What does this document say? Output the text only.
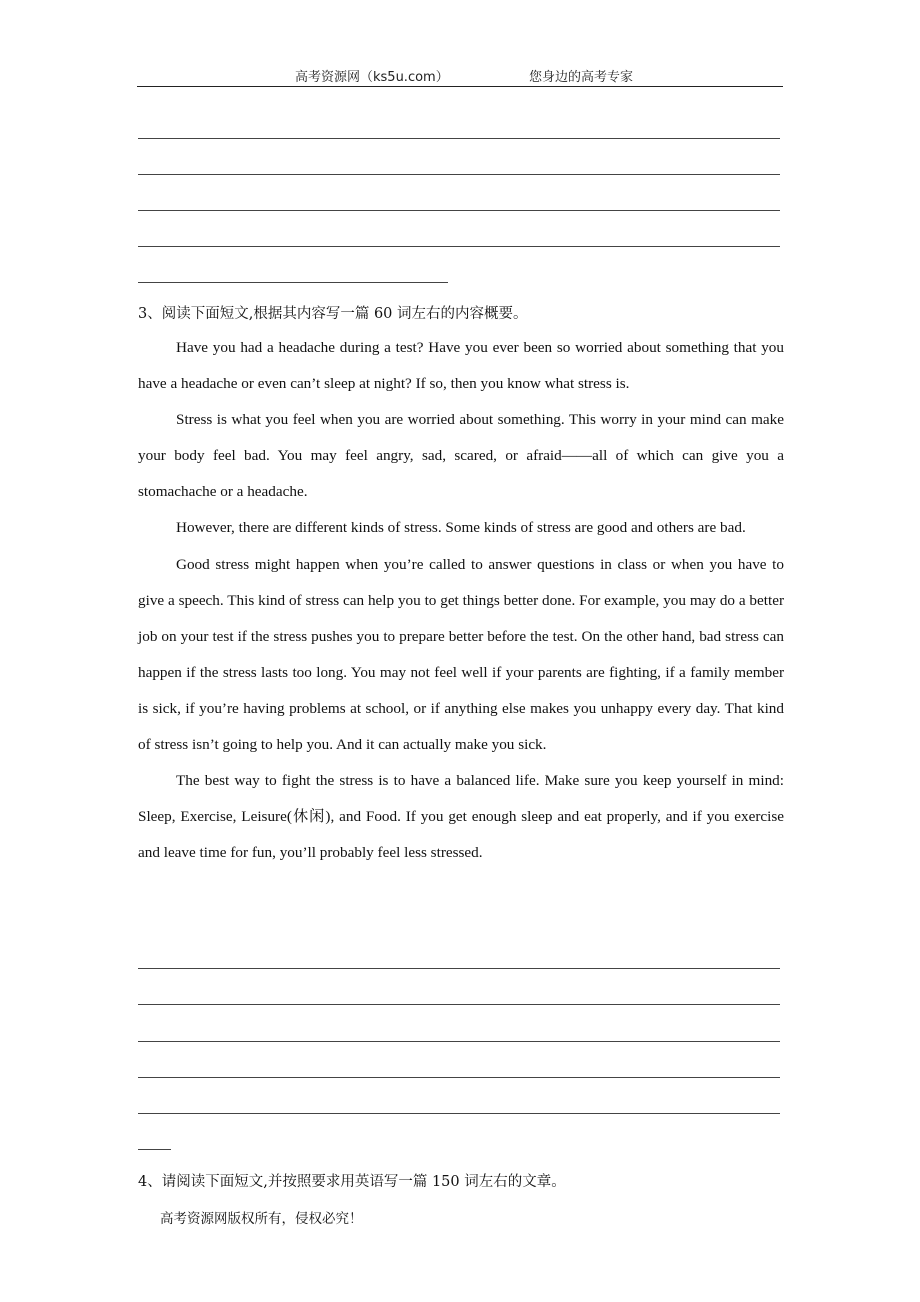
高考资源网（ks5u.com）	您身边的高考专家
3、阅读下面短文,根据其内容写一篇 60 词左右的内容概要。

Have you had a headache during a test? Have you ever been so worried about something that you have a headache or even can’t sleep at night? If so, then you know what stress is.

Stress is what you feel when you are worried about something. This worry in your mind can make your body feel bad. You may feel angry, sad, scared, or afraid——all of which can give you a stomachache or a headache.

However, there are different kinds of stress. Some kinds of stress are good and others are bad.

Good stress might happen when you’re called to answer questions in class or when you have to give a speech. This kind of stress can help you to get things better done. For example, you may do a better job on your test if the stress pushes you to prepare better before the test. On the other hand, bad stress can happen if the stress lasts too long. You may not feel well if your parents are fighting, if a family member is sick, if you’re having problems at school, or if anything else makes you unhappy every day. That kind of stress isn’t going to help you. And it can actually make you sick.

The best way to fight the stress is to have a balanced life. Make sure you keep yourself in mind: Sleep, Exercise, Leisure(休闲), and Food. If you get enough sleep and eat properly, and if you exercise and leave time for fun, you’ll probably feel less stressed.

4、请阅读下面短文,并按照要求用英语写一篇 150 词左右的文章。
高考资源网版权所有，侵权必究！
